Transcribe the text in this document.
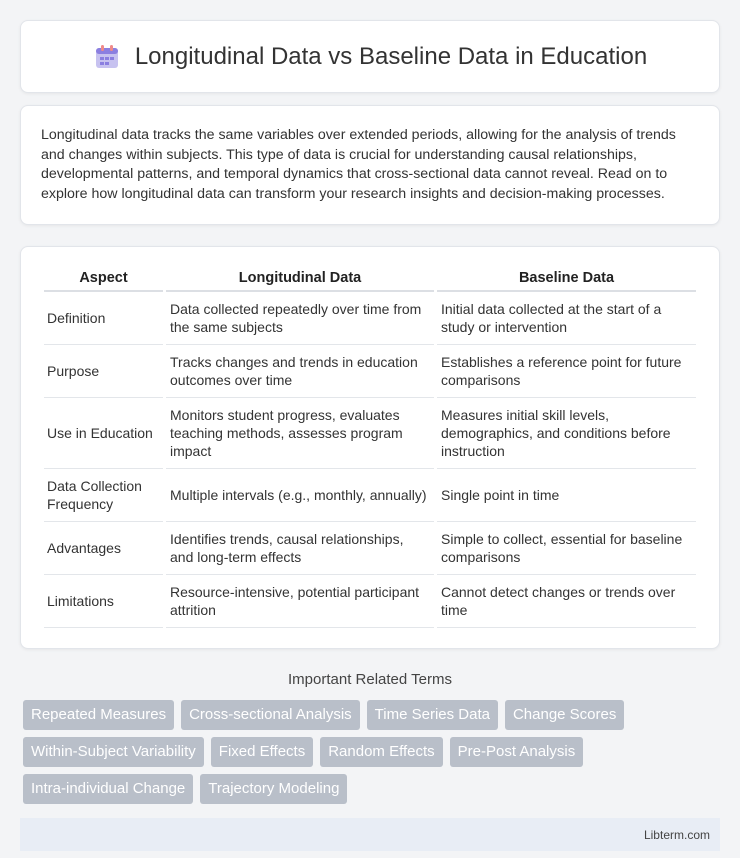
Longitudinal Data vs Baseline Data in Education

Longitudinal data tracks the same variables over extended periods, allowing for the analysis of trends and changes within subjects. This type of data is crucial for understanding causal relationships, developmental patterns, and temporal dynamics that cross-sectional data cannot reveal. Read on to explore how longitudinal data can transform your research insights and decision-making processes.

Aspect	Longitudinal Data	Baseline Data
Definition	Data collected repeatedly over time from the same subjects	Initial data collected at the start of a study or intervention
Purpose	Tracks changes and trends in education outcomes over time	Establishes a reference point for future comparisons
Use in Education	Monitors student progress, evaluates teaching methods, assesses program impact	Measures initial skill levels, demographics, and conditions before instruction
Data Collection Frequency	Multiple intervals (e.g., monthly, annually)	Single point in time
Advantages	Identifies trends, causal relationships, and long-term effects	Simple to collect, essential for baseline comparisons
Limitations	Resource-intensive, potential participant attrition	Cannot detect changes or trends over time
Important Related Terms
Repeated Measures	Cross-sectional Analysis	Time Series Data	Change Scores
Within-Subject Variability	Fixed Effects	Random Effects	Pre-Post Analysis
Intra-individual Change	Trajectory Modeling
Libterm.com
